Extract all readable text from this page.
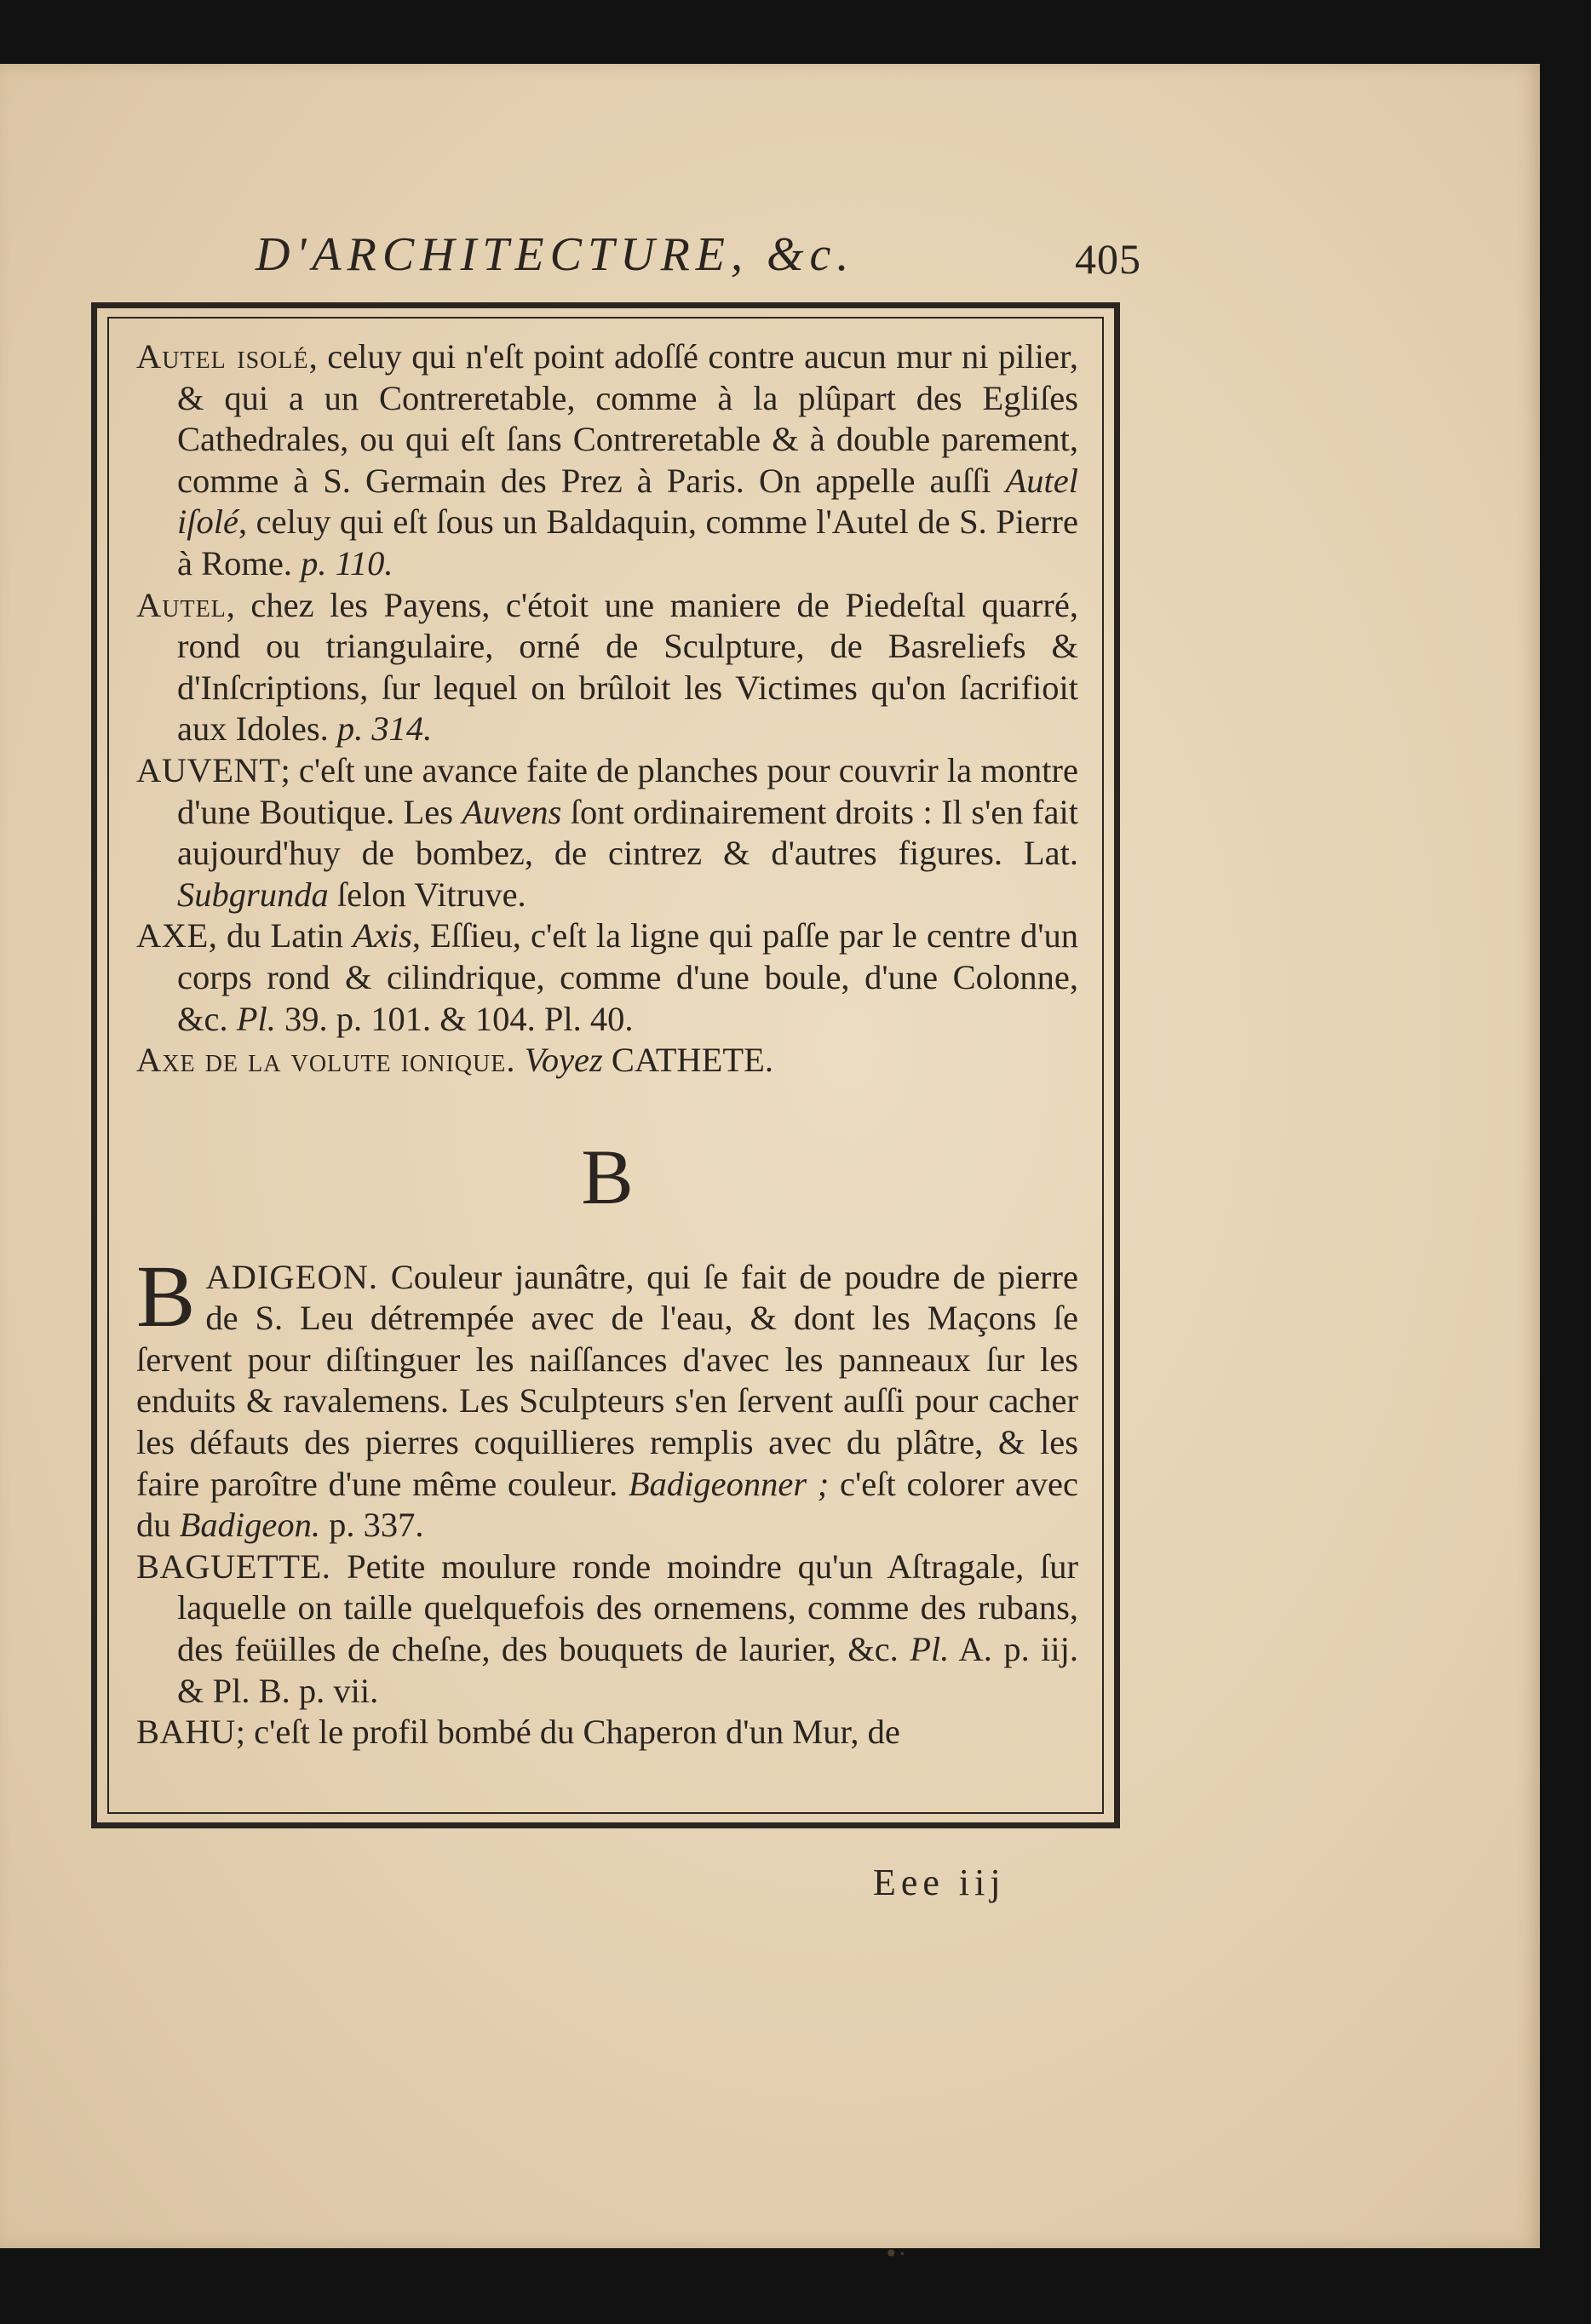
D'ARCHITECTURE, &c.	405

Autel isolé, celuy qui n'eſt point adoſſé contre aucun mur ni pilier, & qui a un Contreretable, comme à la plûpart des Egliſes Cathedrales, ou qui eſt ſans Contreretable & à double parement, comme à S. Germain des Prez à Paris. On appelle auſſi Autel iſolé, celuy qui eſt ſous un Baldaquin, comme l'Autel de S. Pierre à Rome. p. 110.

Autel, chez les Payens, c'étoit une maniere de Piedeſtal quarré, rond ou triangulaire, orné de Sculpture, de Basreliefs & d'Inſcriptions, ſur lequel on brûloit les Victimes qu'on ſacrifioit aux Idoles. p. 314.

AUVENT; c'eſt une avance faite de planches pour couvrir la montre d'une Boutique. Les Auvens ſont ordinairement droits : Il s'en fait aujourd'huy de bombez, de cintrez & d'autres figures. Lat. Subgrunda ſelon Vitruve.

AXE, du Latin Axis, Eſſieu, c'eſt la ligne qui paſſe par le centre d'un corps rond & cilindrique, comme d'une boule, d'une Colonne, &c. Pl. 39. p. 101. & 104. Pl. 40.

Axe de la volute ionique. Voyez CATHETE.

B

BADIGEON. Couleur jaunâtre, qui ſe fait de poudre de pierre de S. Leu détrempée avec de l'eau, & dont les Maçons ſe ſervent pour diſtinguer les naiſſances d'avec les panneaux ſur les enduits & ravalemens. Les Sculpteurs s'en ſervent auſſi pour cacher les défauts des pierres coquillieres remplis avec du plâtre, & les faire paroître d'une même couleur. Badigeonner ; c'eſt colorer avec du Badigeon. p. 337.

BAGUETTE. Petite moulure ronde moindre qu'un Aſtragale, ſur laquelle on taille quelquefois des ornemens, comme des rubans, des feüilles de cheſne, des bouquets de laurier, &c. Pl. A. p. iij. & Pl. B. p. vii.

BAHU; c'eſt le profil bombé du Chaperon d'un Mur, de

Eee iij
•⋅
